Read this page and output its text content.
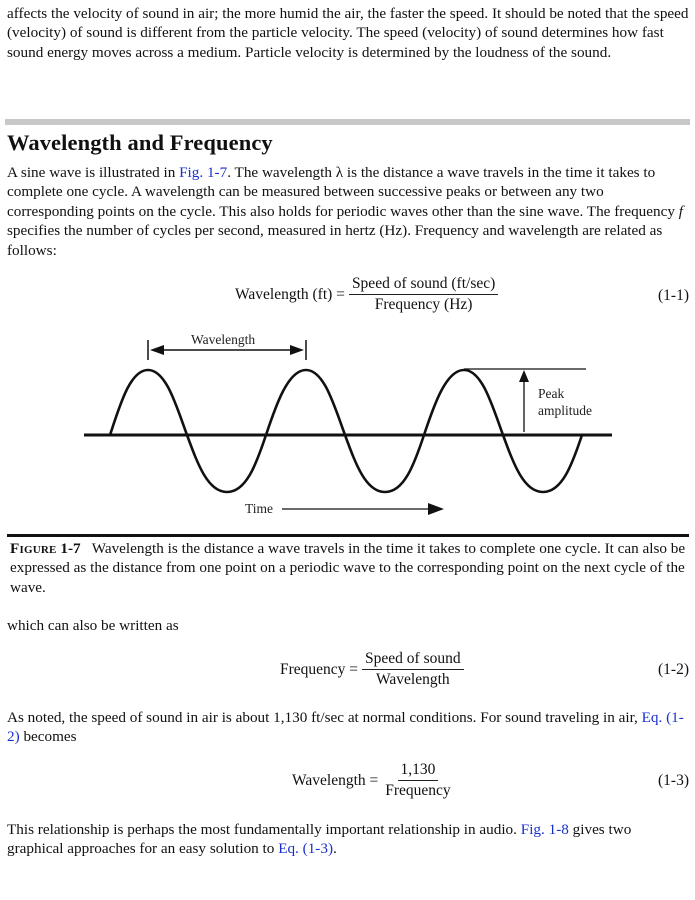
affects the velocity of sound in air; the more humid the air, the faster the speed. It should be noted that the speed (velocity) of sound is different from the particle velocity. The speed (velocity) of sound determines how fast sound energy moves across a medium. Particle velocity is determined by the loudness of the sound.

Wavelength and Frequency

A sine wave is illustrated in Fig. 1-7. The wavelength λ is the distance a wave travels in the time it takes to complete one cycle. A wavelength can be measured between successive peaks or between any two corresponding points on the cycle. This also holds for periodic waves other than the sine wave. The frequency f specifies the number of cycles per second, measured in hertz (Hz). Frequency and wavelength are related as follows:

Wavelength $(ft) = \frac{\text{Speed of sound (ft/sec)}}{\text{Frequency (Hz)}}$	(1-1)
Wavelength
Peak
amplitude
Time

Figure 1-7 Wavelength is the distance a wave travels in the time it takes to complete one cycle. It can also be expressed as the distance from one point on a periodic wave to the corresponding point on the next cycle of the wave.

which can also be written as

Frequency = $\frac{\text{Speed of sound}}{\text{Wavelength}}$	(1-2)

As noted, the speed of sound in air is about 1,130 ft/sec at normal conditions. For sound traveling in air, Eq. (1-2) becomes

Wavelength = $\frac{1,130}{\text{Frequency}}$	(1-3)

This relationship is perhaps the most fundamentally important relationship in audio. Fig. 1-8 gives two graphical approaches for an easy solution to Eq. (1-3).
